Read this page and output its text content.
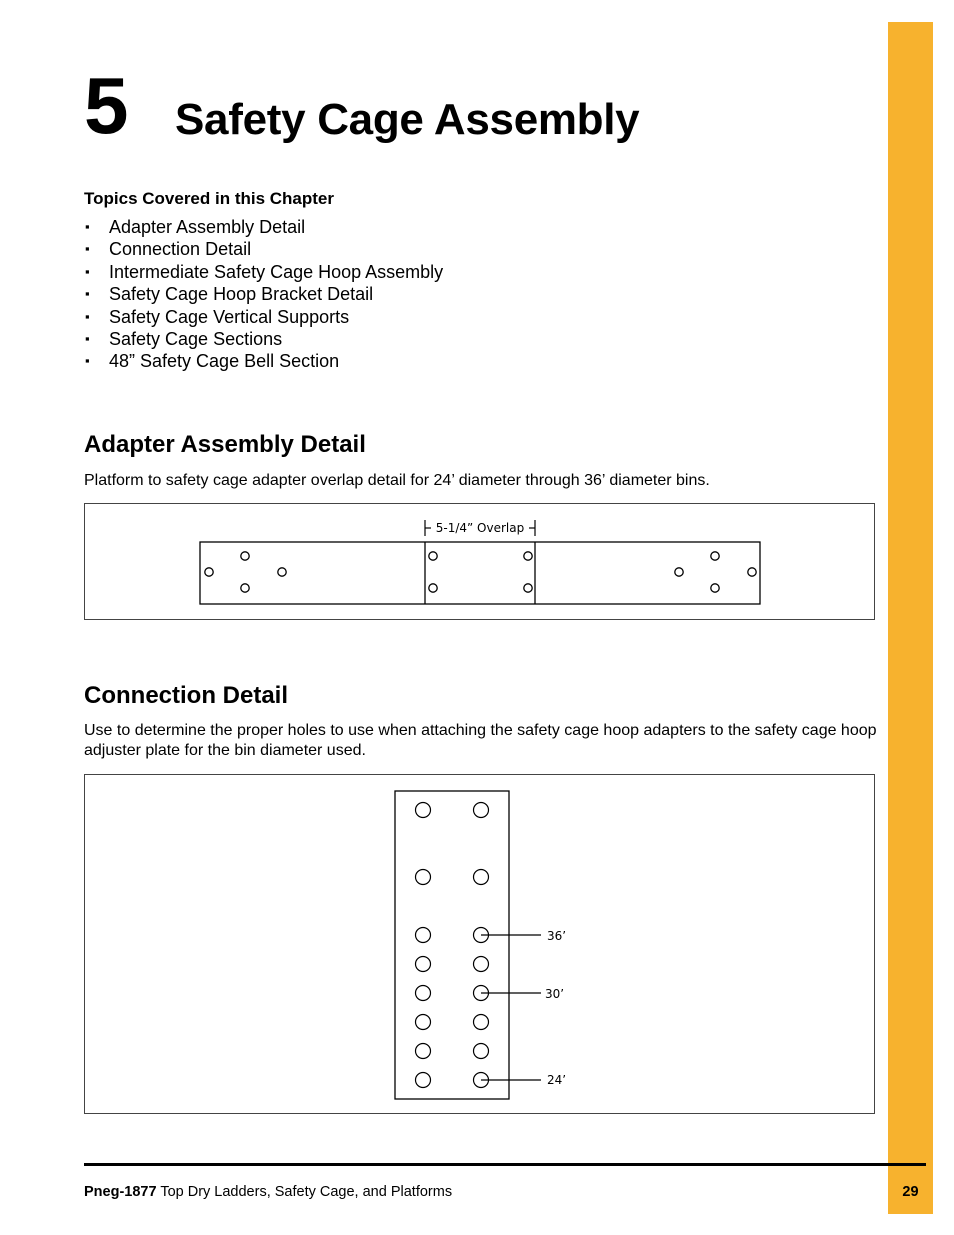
5 Safety Cage Assembly
Topics Covered in this Chapter
▪ Adapter Assembly Detail
▪ Connection Detail
▪ Intermediate Safety Cage Hoop Assembly
▪ Safety Cage Hoop Bracket Detail
▪ Safety Cage Vertical Supports
▪ Safety Cage Sections
▪ 48” Safety Cage Bell Section
Adapter Assembly Detail
Platform to safety cage adapter overlap detail for 24’ diameter through 36’ diameter bins.
5-1/4” Overlap
Connection Detail
Use to determine the proper holes to use when attaching the safety cage hoop adapters to the safety cage hoop adjuster plate for the bin diameter used.
36’
30’
24’
Pneg-1877 Top Dry Ladders, Safety Cage, and Platforms	29
